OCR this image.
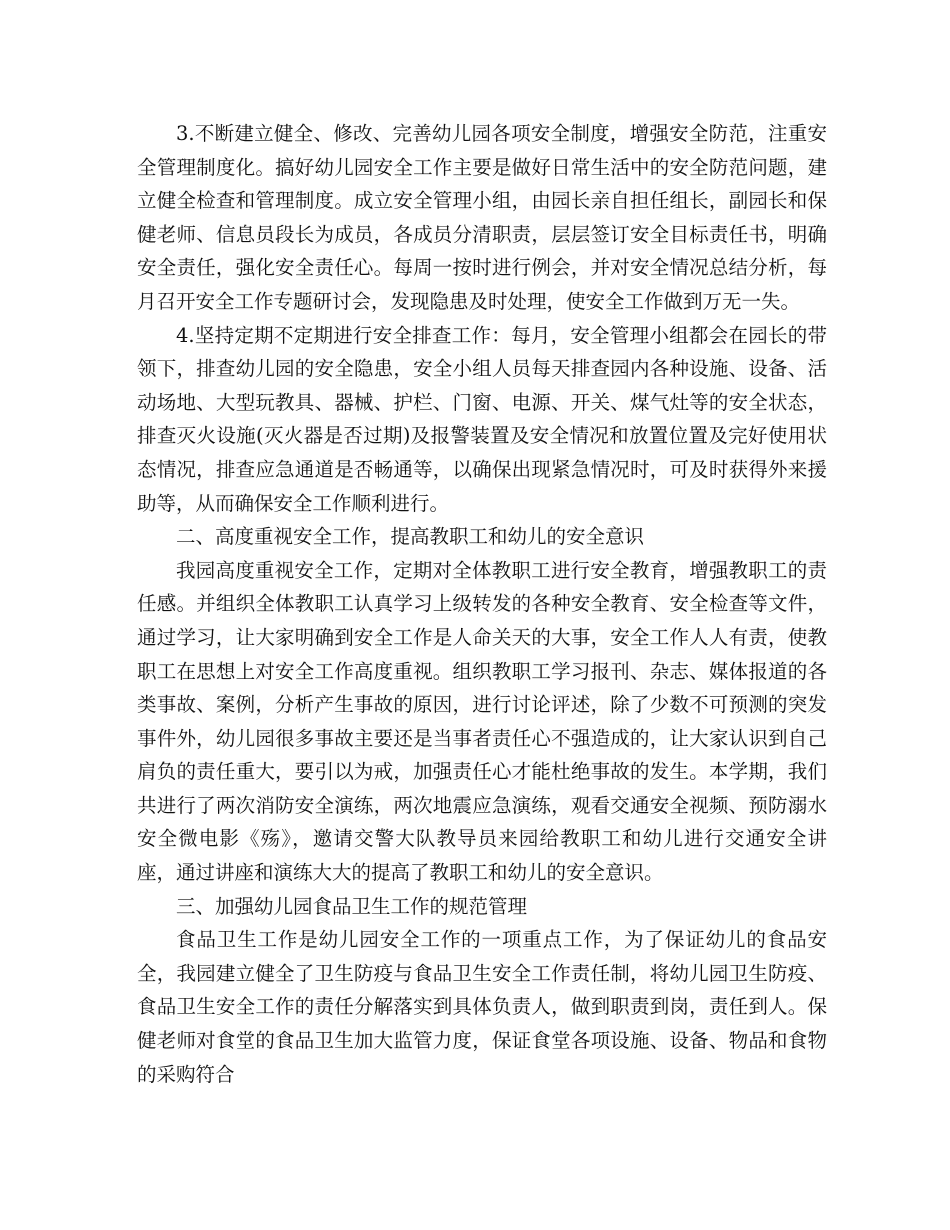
3.不断建立健全、修改、完善幼儿园各项安全制度，增强安全防范，注重安全管理制度化。搞好幼儿园安全工作主要是做好日常生活中的安全防范问题，建立健全检查和管理制度。成立安全管理小组，由园长亲自担任组长，副园长和保健老师、信息员段长为成员，各成员分清职责，层层签订安全目标责任书，明确安全责任，强化安全责任心。每周一按时进行例会，并对安全情况总结分析，每月召开安全工作专题研讨会，发现隐患及时处理，使安全工作做到万无一失。

4.坚持定期不定期进行安全排查工作：每月，安全管理小组都会在园长的带领下，排查幼儿园的安全隐患，安全小组人员每天排查园内各种设施、设备、活动场地、大型玩教具、器械、护栏、门窗、电源、开关、煤气灶等的安全状态，排查灭火设施(灭火器是否过期)及报警装置及安全情况和放置位置及完好使用状态情况，排查应急通道是否畅通等，以确保出现紧急情况时，可及时获得外来援助等，从而确保安全工作顺利进行。

二、高度重视安全工作，提高教职工和幼儿的安全意识

我园高度重视安全工作，定期对全体教职工进行安全教育，增强教职工的责任感。并组织全体教职工认真学习上级转发的各种安全教育、安全检查等文件，通过学习，让大家明确到安全工作是人命关天的大事，安全工作人人有责，使教职工在思想上对安全工作高度重视。组织教职工学习报刊、杂志、媒体报道的各类事故、案例，分析产生事故的原因，进行讨论评述，除了少数不可预测的突发事件外，幼儿园很多事故主要还是当事者责任心不强造成的，让大家认识到自己肩负的责任重大，要引以为戒，加强责任心才能杜绝事故的发生。本学期，我们共进行了两次消防安全演练，两次地震应急演练，观看交通安全视频、预防溺水安全微电影《殇》，邀请交警大队教导员来园给教职工和幼儿进行交通安全讲座，通过讲座和演练大大的提高了教职工和幼儿的安全意识。

三、加强幼儿园食品卫生工作的规范管理

食品卫生工作是幼儿园安全工作的一项重点工作，为了保证幼儿的食品安全，我园建立健全了卫生防疫与食品卫生安全工作责任制，将幼儿园卫生防疫、食品卫生安全工作的责任分解落实到具体负责人，做到职责到岗，责任到人。保健老师对食堂的食品卫生加大监管力度，保证食堂各项设施、设备、物品和食物的采购符合
